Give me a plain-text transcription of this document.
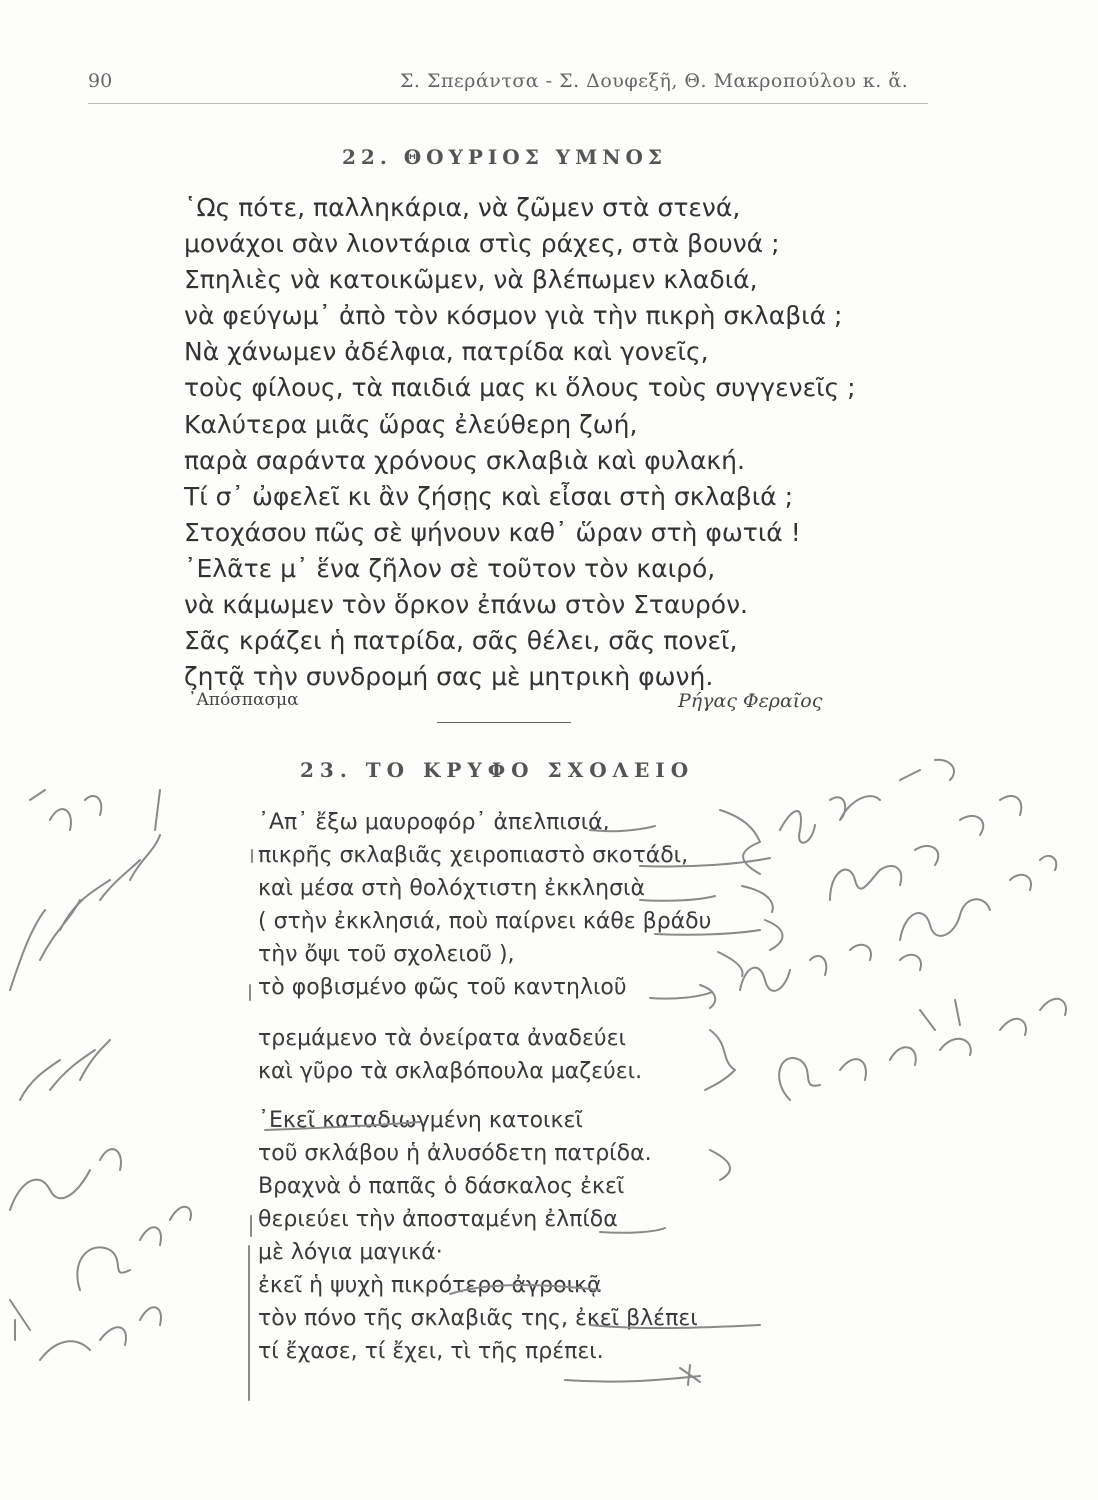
90	Σ. Σπεράντσα - Σ. Δουφεξῆ, Θ. Μακροπούλου κ. ἄ.
22. ΘΟΥΡΙΟΣ ΥΜΝΟΣ
῾Ως πότε, παλληκάρια, νὰ ζῶμεν στὰ στενά,
μονάχοι σὰν λιοντάρια στὶς ράχες, στὰ βουνά ;
Σπηλιὲς νὰ κατοικῶμεν, νὰ βλέπωμεν κλαδιά,
νὰ φεύγωμ᾽ ἀπὸ τὸν κόσμον γιὰ τὴν πικρὴ σκλαβιά ;
Νὰ χάνωμεν ἀδέλφια, πατρίδα καὶ γονεῖς,
τοὺς φίλους, τὰ παιδιά μας κι ὅλους τοὺς συγγενεῖς ;
Καλύτερα μιᾶς ὥρας ἐλεύθερη ζωή,
παρὰ σαράντα χρόνους σκλαβιὰ καὶ φυλακή.
Τί σ᾽ ὠφελεῖ κι ἂν ζήσῃς καὶ εἶσαι στὴ σκλαβιά ;
Στοχάσου πῶς σὲ ψήνουν καθ᾽ ὥραν στὴ φωτιά !
᾽Ελᾶτε μ᾽ ἕνα ζῆλον σὲ τοῦτον τὸν καιρό,
νὰ κάμωμεν τὸν ὅρκον ἐπάνω στὸν Σταυρόν.
Σᾶς κράζει ἡ πατρίδα, σᾶς θέλει, σᾶς πονεῖ,
ζητᾷ τὴν συνδρομή σας μὲ μητρικὴ φωνή.
᾽Απόσπασμα	Ρήγας Φεραῖος
23. ΤΟ ΚΡΥΦΟ ΣΧΟΛΕΙΟ
᾽Απ᾽ ἔξω μαυροφόρ᾽ ἀπελπισιά,
πικρῆς σκλαβιᾶς χειροπιαστὸ σκοτάδι,
καὶ μέσα στὴ θολόχτιστη ἐκκλησιὰ
( στὴν ἐκκλησιά, ποὺ παίρνει κάθε βράδυ
τὴν ὄψι τοῦ σχολειοῦ ),
τὸ φοβισμένο φῶς τοῦ καντηλιοῦ
τρεμάμενο τὰ ὀνείρατα ἀναδεύει
καὶ γῦρο τὰ σκλαβόπουλα μαζεύει.
᾽Εκεῖ καταδιωγμένη κατοικεῖ
τοῦ σκλάβου ἡ ἀλυσόδετη πατρίδα.
Βραχνὰ ὁ παπᾶς ὁ δάσκαλος ἐκεῖ
θεριεύει τὴν ἀποσταμένη ἐλπίδα
μὲ λόγια μαγικά·
ἐκεῖ ἡ ψυχὴ πικρότερο ἀγροικᾷ
τὸν πόνο τῆς σκλαβιᾶς της, ἐκεῖ βλέπει
τί ἔχασε, τί ἔχει, τὶ τῆς πρέπει.
